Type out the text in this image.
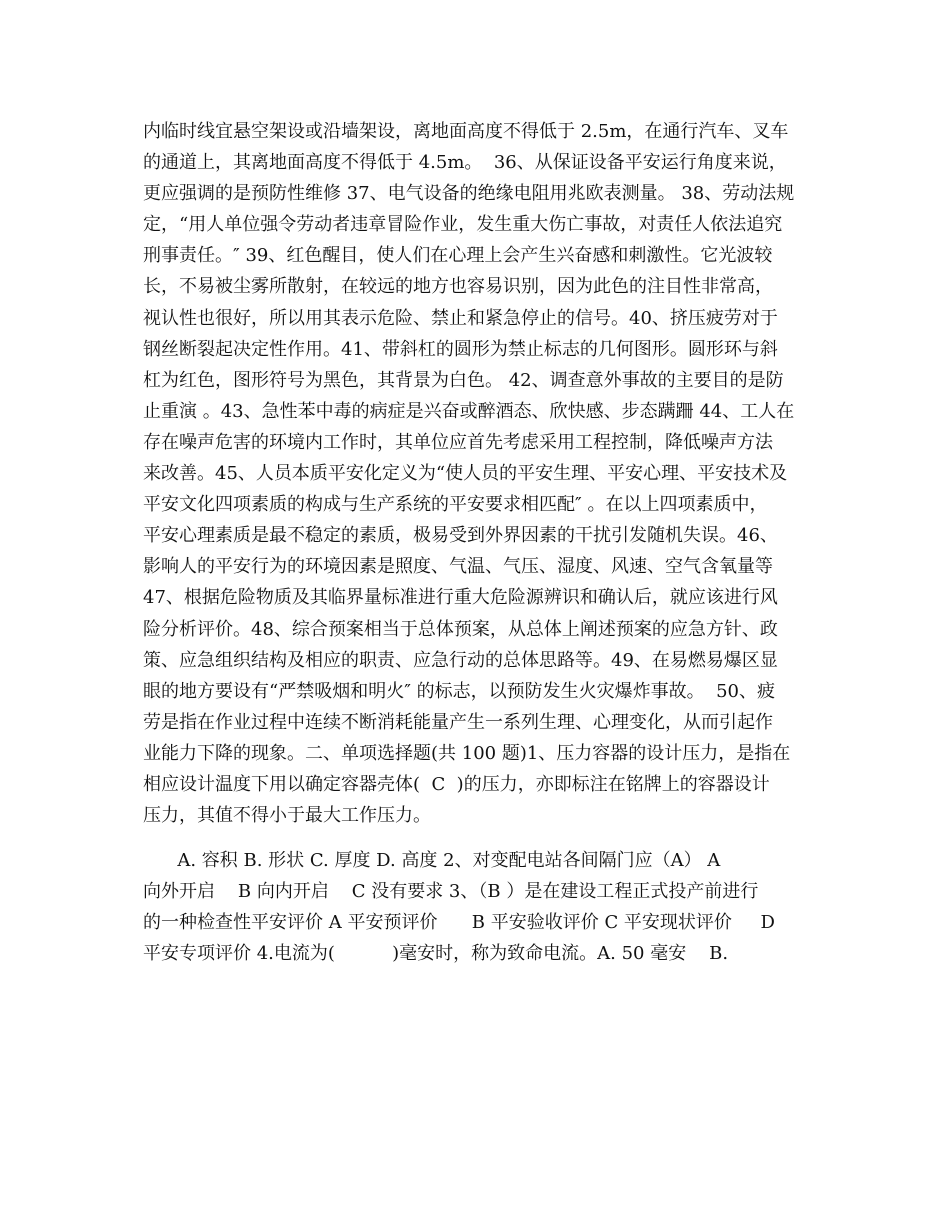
内临时线宜悬空架设或沿墙架设，离地面高度不得低于 2.5m，在通行汽车、叉车
的通道上，其离地面高度不得低于 4.5m。  36、从保证设备平安运行角度来说，
更应强调的是预防性维修 37、电气设备的绝缘电阻用兆欧表测量。 38、劳动法规
定，“用人单位强令劳动者违章冒险作业，发生重大伤亡事故，对责任人依法追究
刑事责任。″ 39、红色醒目，使人们在心理上会产生兴奋感和刺激性。它光波较
长，不易被尘雾所散射，在较远的地方也容易识别，因为此色的注目性非常高，
视认性也很好，所以用其表示危险、禁止和紧急停止的信号。40、挤压疲劳对于
钢丝断裂起决定性作用。41、带斜杠的圆形为禁止标志的几何图形。圆形环与斜
杠为红色，图形符号为黑色，其背景为白色。 42、调查意外事故的主要目的是防
止重演 。43、急性苯中毒的病症是兴奋或醉酒态、欣快感、步态蹒跚 44、工人在
存在噪声危害的环境内工作时，其单位应首先考虑采用工程控制，降低噪声方法
来改善。45、人员本质平安化定义为“使人员的平安生理、平安心理、平安技术及
平安文化四项素质的构成与生产系统的平安要求相匹配″ 。在以上四项素质中，
平安心理素质是最不稳定的素质，极易受到外界因素的干扰引发随机失误。46、
影响人的平安行为的环境因素是照度、气温、气压、湿度、风速、空气含氧量等
47、根据危险物质及其临界量标准进行重大危险源辨识和确认后，就应该进行风
险分析评价。48、综合预案相当于总体预案，从总体上阐述预案的应急方针、政
策、应急组织结构及相应的职责、应急行动的总体思路等。49、在易燃易爆区显
眼的地方要设有“严禁吸烟和明火″ 的标志，以预防发生火灾爆炸事故。  50、疲
劳是指在作业过程中连续不断消耗能量产生一系列生理、心理变化，从而引起作
业能力下降的现象。二、单项选择题(共 100 题)1、压力容器的设计压力，是指在
相应设计温度下用以确定容器壳体(  C  )的压力，亦即标注在铭牌上的容器设计
压力，其值不得小于最大工作压力。
A. 容积 B. 形状 C. 厚度 D. 高度 2、对变配电站各间隔门应（A） A
向外开启    B 向内开启    C 没有要求 3、（B ）是在建设工程正式投产前进行
的一种检查性平安评价 A 平安预评价      B 平安验收评价 C 平安现状评价     D
平安专项评价 4.电流为(          )毫安时，称为致命电流。A. 50 毫安    B.
